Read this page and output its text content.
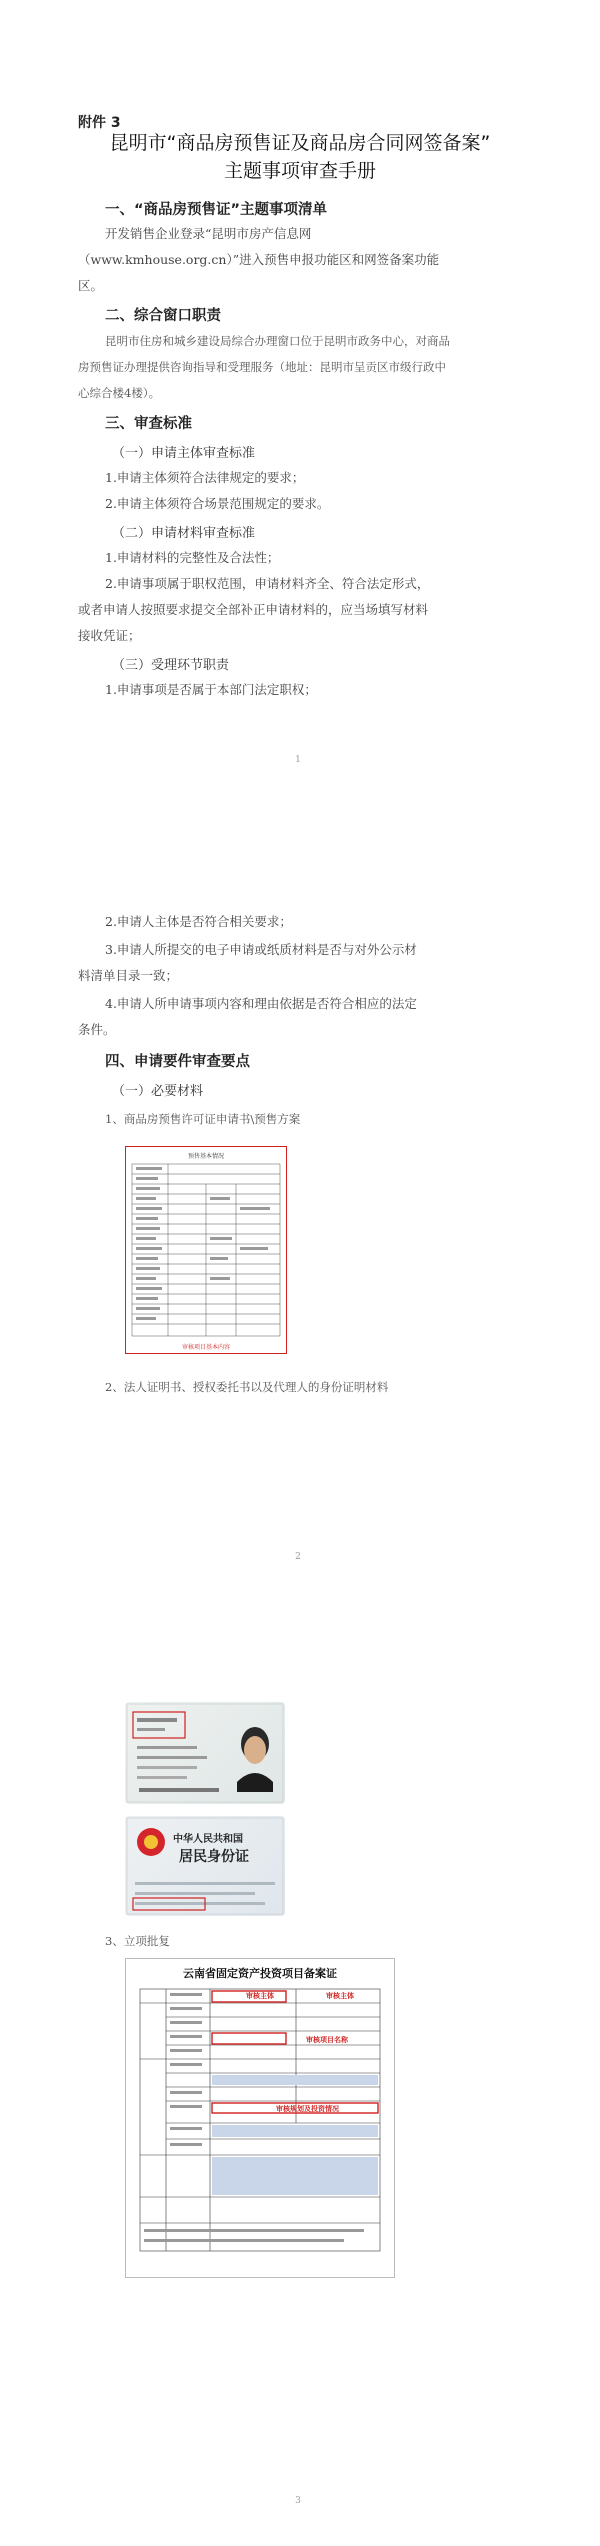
附件 3
昆明市“商品房预售证及商品房合同网签备案”
主题事项审查手册
一、“商品房预售证”主题事项清单
开发销售企业登录“昆明市房产信息网
（www.kmhouse.org.cn）”进入预售申报功能区和网签备案功能
区。
二、综合窗口职责
昆明市住房和城乡建设局综合办理窗口位于昆明市政务中心，对商品
房预售证办理提供咨询指导和受理服务（地址：昆明市呈贡区市级行政中
心综合楼4楼）。
三、审查标准
（一）申请主体审查标准
1.申请主体须符合法律规定的要求；
2.申请主体须符合场景范围规定的要求。
（二）申请材料审查标准
1.申请材料的完整性及合法性；
2.申请事项属于职权范围，申请材料齐全、符合法定形式，
或者申请人按照要求提交全部补正申请材料的，应当场填写材料
接收凭证；
（三）受理环节职责
1.申请事项是否属于本部门法定职权；
1
2.申请人主体是否符合相关要求；
3.申请人所提交的电子申请或纸质材料是否与对外公示材
料清单目录一致；
4.申请人所申请事项内容和理由依据是否符合相应的法定
条件。
四、申请要件审查要点
（一）必要材料
1、商品房预售许可证申请书\预售方案
预售基本情况
审核项目基本内容
2、法人证明书、授权委托书以及代理人的身份证明材料
2
中华人民共和国
居民身份证
3、立项批复
云南省固定资产投资项目备案证
审核主体	审核主体
审核项目名称
审核规划及投资情况
3
